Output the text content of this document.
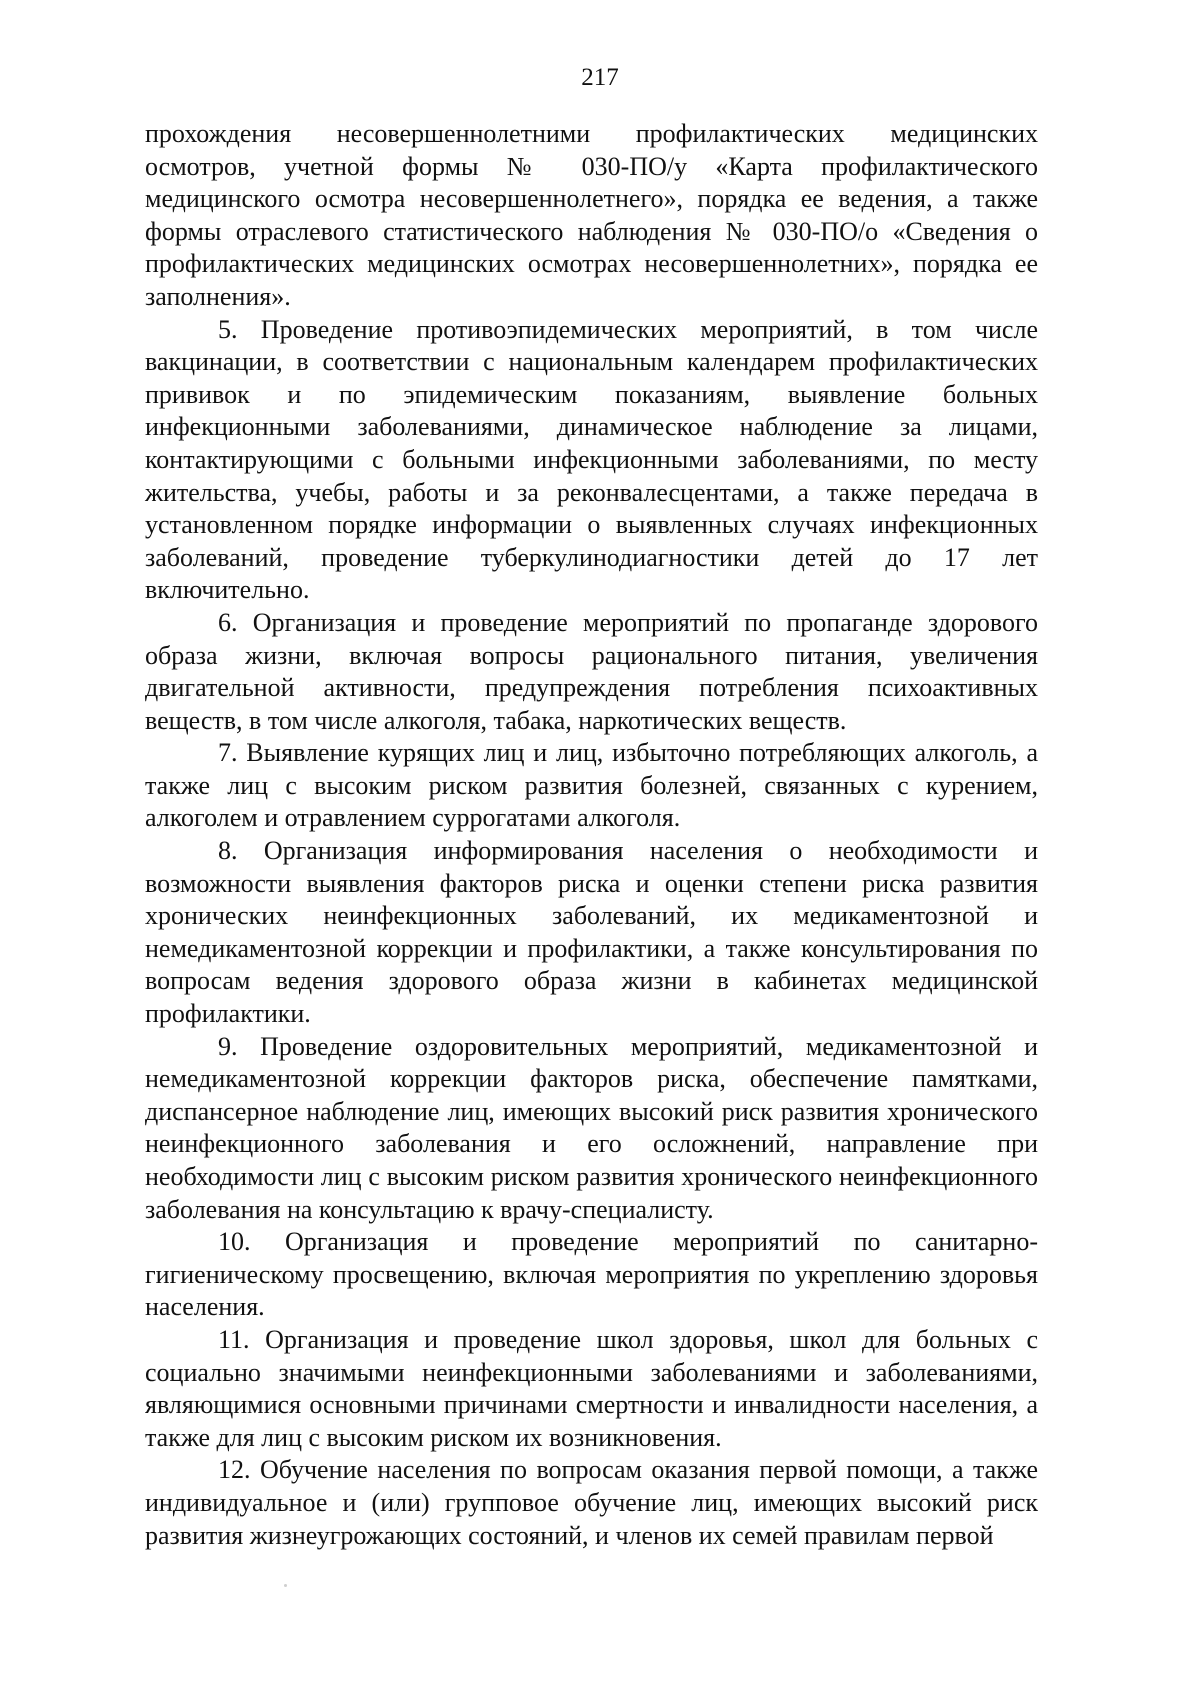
217

прохождения несовершеннолетними профилактических медицинских осмотров, учетной формы № 030-ПО/у «Карта профилактического медицинского осмотра несовершеннолетнего», порядка ее ведения, а также формы отраслевого статистического наблюдения № 030-ПО/о «Сведения о профилактических медицинских осмотрах несовершеннолетних», порядка ее заполнения».

5. Проведение противоэпидемических мероприятий, в том числе вакцинации, в соответствии с национальным календарем профилактических прививок и по эпидемическим показаниям, выявление больных инфекционными заболеваниями, динамическое наблюдение за лицами, контактирующими с больными инфекционными заболеваниями, по месту жительства, учебы, работы и за реконвалесцентами, а также передача в установленном порядке информации о выявленных случаях инфекционных заболеваний, проведение туберкулинодиагностики детей до 17 лет включительно.

6. Организация и проведение мероприятий по пропаганде здорового образа жизни, включая вопросы рационального питания, увеличения двигательной активности, предупреждения потребления психоактивных веществ, в том числе алкоголя, табака, наркотических веществ.

7. Выявление курящих лиц и лиц, избыточно потребляющих алкоголь, а также лиц с высоким риском развития болезней, связанных с курением, алкоголем и отравлением суррогатами алкоголя.

8. Организация информирования населения о необходимости и возможности выявления факторов риска и оценки степени риска развития хронических неинфекционных заболеваний, их медикаментозной и немедикаментозной коррекции и профилактики, а также консультирования по вопросам ведения здорового образа жизни в кабинетах медицинской профилактики.

9. Проведение оздоровительных мероприятий, медикаментозной и немедикаментозной коррекции факторов риска, обеспечение памятками, диспансерное наблюдение лиц, имеющих высокий риск развития хронического неинфекционного заболевания и его осложнений, направление при необходимости лиц с высоким риском развития хронического неинфекционного заболевания на консультацию к врачу-специалисту.

10. Организация и проведение мероприятий по санитарно-гигиеническому просвещению, включая мероприятия по укреплению здоровья населения.

11. Организация и проведение школ здоровья, школ для больных с социально значимыми неинфекционными заболеваниями и заболеваниями, являющимися основными причинами смертности и инвалидности населения, а также для лиц с высоким риском их возникновения.

12. Обучение населения по вопросам оказания первой помощи, а также индивидуальное и (или) групповое обучение лиц, имеющих высокий риск развития жизнеугрожающих состояний, и членов их семей правилам первой
